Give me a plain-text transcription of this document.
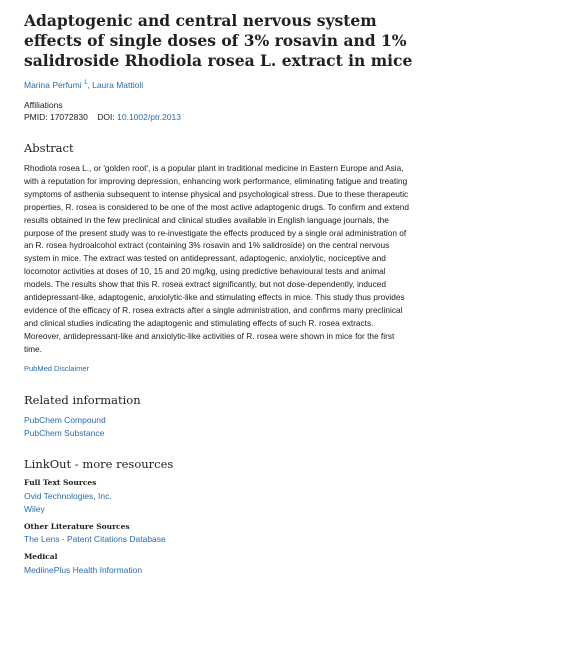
Adaptogenic and central nervous system effects of single doses of 3% rosavin and 1% salidroside Rhodiola rosea L. extract in mice
Marina Perfumi $^1$, Laura Mattioli
Affiliations
PMID: 17072830 DOI: 10.1002/ptr.2013
Abstract

Rhodiola rosea L., or 'golden root', is a popular plant in traditional medicine in Eastern Europe and Asia, with a reputation for improving depression, enhancing work performance, eliminating fatigue and treating symptoms of asthenia subsequent to intense physical and psychological stress. Due to these therapeutic properties, R. rosea is considered to be one of the most active adaptogenic drugs. To confirm and extend results obtained in the few preclinical and clinical studies available in English language journals, the purpose of the present study was to re-investigate the effects produced by a single oral administration of an R. rosea hydroalcohol extract (containing 3% rosavin and 1% salidroside) on the central nervous system in mice. The extract was tested on antidepressant, adaptogenic, anxiolytic, nociceptive and locomotor activities at doses of 10, 15 and 20 mg/kg, using predictive behavioural tests and animal models. The results show that this R. rosea extract significantly, but not dose-dependently, induced antidepressant-like, adaptogenic, anxiolytic-like and stimulating effects in mice. This study thus provides evidence of the efficacy of R. rosea extracts after a single administration, and confirms many preclinical and clinical studies indicating the adaptogenic and stimulating effects of such R. rosea extracts. Moreover, antidepressant-like and anxiolytic-like activities of R. rosea were shown in mice for the first time.

PubMed Disclaimer
Related information
PubChem Compound
PubChem Substance
LinkOut - more resources
Full Text Sources
Ovid Technologies, Inc.
Wiley
Other Literature Sources
The Lens - Patent Citations Database
Medical
MedlinePlus Health Information
